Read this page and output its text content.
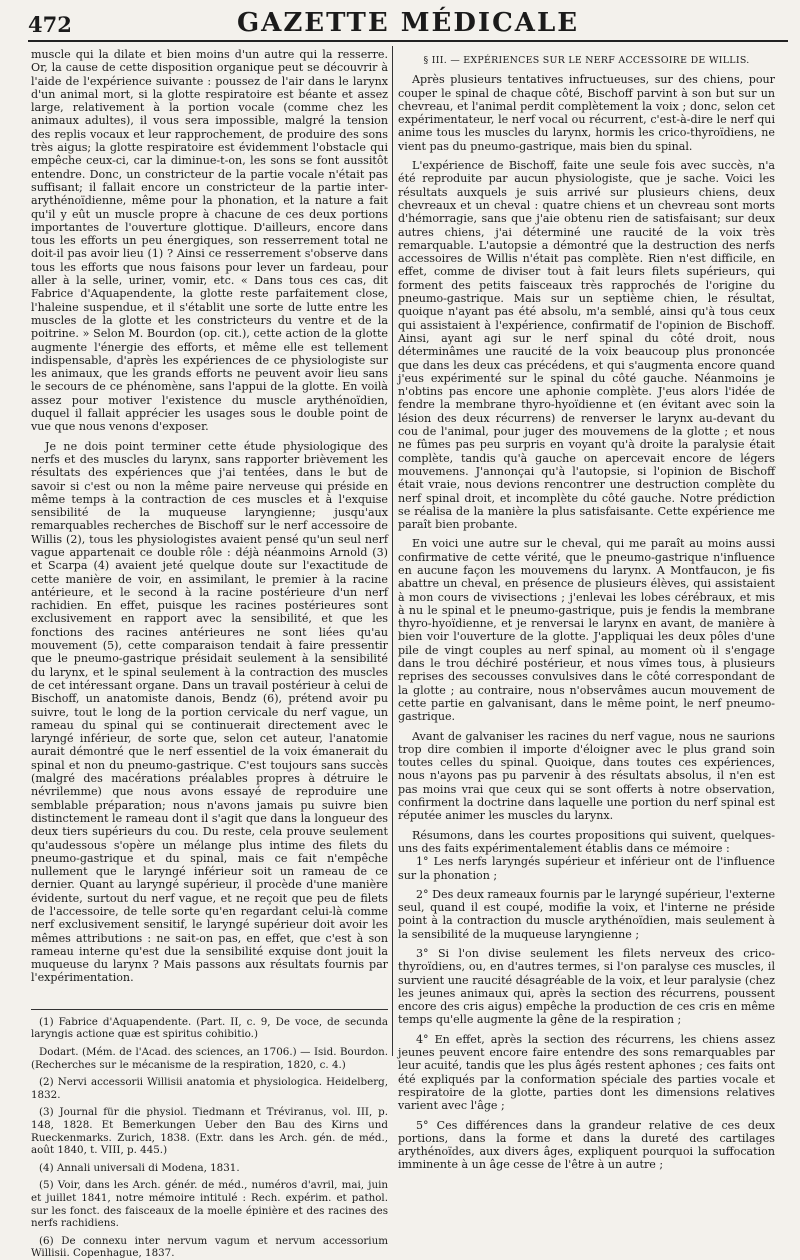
472	GAZETTE MÉDICALE

muscle qui la dilate et bien moins d'un autre qui la resserre. Or, la cause de cette disposition organique peut se découvrir à l'aide de l'expérience suivante : poussez de l'air dans le larynx d'un animal mort, si la glotte respiratoire est béante et assez large, relativement à la portion vocale (comme chez les animaux adultes), il vous sera impossible, malgré la tension des replis vocaux et leur rapprochement, de produire des sons très aigus; la glotte respiratoire est évidemment l'obstacle qui empêche ceux-ci, car la diminue-t-on, les sons se font aussitôt entendre. Donc, un constricteur de la partie vocale n'était pas suffisant; il fallait encore un constricteur de la partie inter-arythénoïdienne, même pour la phonation, et la nature a fait qu'il y eût un muscle propre à chacune de ces deux portions importantes de l'ouverture glottique. D'ailleurs, encore dans tous les efforts un peu énergiques, son resserrement total ne doit-il pas avoir lieu (1) ? Ainsi ce resserrement s'observe dans tous les efforts que nous faisons pour lever un fardeau, pour aller à la selle, uriner, vomir, etc. « Dans tous ces cas, dit Fabrice d'Aquapendente, la glotte reste parfaitement close, l'haleine suspendue, et il s'établit une sorte de lutte entre les muscles de la glotte et les constricteurs du ventre et de la poitrine. » Selon M. Bourdon (op. cit.), cette action de la glotte augmente l'énergie des efforts, et même elle est tellement indispensable, d'après les expériences de ce physiologiste sur les animaux, que les grands efforts ne peuvent avoir lieu sans le secours de ce phénomène, sans l'appui de la glotte. En voilà assez pour motiver l'existence du muscle arythénoïdien, duquel il fallait apprécier les usages sous le double point de vue que nous venons d'exposer.

Je ne dois point terminer cette étude physiologique des nerfs et des muscles du larynx, sans rapporter brièvement les résultats des expériences que j'ai tentées, dans le but de savoir si c'est ou non la même paire nerveuse qui préside en même temps à la contraction de ces muscles et à l'exquise sensibilité de la muqueuse laryngienne; jusqu'aux remarquables recherches de Bischoff sur le nerf accessoire de Willis (2), tous les physiologistes avaient pensé qu'un seul nerf vague appartenait ce double rôle : déjà néanmoins Arnold (3) et Scarpa (4) avaient jeté quelque doute sur l'exactitude de cette manière de voir, en assimilant, le premier à la racine antérieure, et le second à la racine postérieure d'un nerf rachidien. En effet, puisque les racines postérieures sont exclusivement en rapport avec la sensibilité, et que les fonctions des racines antérieures ne sont liées qu'au mouvement (5), cette comparaison tendait à faire pressentir que le pneumo-gastrique présidait seulement à la sensibilité du larynx, et le spinal seulement à la contraction des muscles de cet intéressant organe. Dans un travail postérieur à celui de Bischoff, un anatomiste danois, Bendz (6), prétend avoir pu suivre, tout le long de la portion cervicale du nerf vague, un rameau du spinal qui se continuerait directement avec le laryngé inférieur, de sorte que, selon cet auteur, l'anatomie aurait démontré que le nerf essentiel de la voix émanerait du spinal et non du pneumo-gastrique. C'est toujours sans succès (malgré des macérations préalables propres à détruire le névrilemme) que nous avons essayé de reproduire une semblable préparation; nous n'avons jamais pu suivre bien distinctement le rameau dont il s'agit que dans la longueur des deux tiers supérieurs du cou. Du reste, cela prouve seulement qu'audessous s'opère un mélange plus intime des filets du pneumo-gastrique et du spinal, mais ce fait n'empêche nullement que le laryngé inférieur soit un rameau de ce dernier. Quant au laryngé supérieur, il procède d'une manière évidente, surtout du nerf vague, et ne reçoit que peu de filets de l'accessoire, de telle sorte qu'en regardant celui-là comme nerf exclusivement sensitif, le laryngé supérieur doit avoir les mêmes attributions : ne sait-on pas, en effet, que c'est à son rameau interne qu'est due la sensibilité exquise dont jouit la muqueuse du larynx ? Mais passons aux résultats fournis par l'expérimentation.

(1) Fabrice d'Aquapendente. (Part. II, c. 9, De voce, de secunda laryngis actione quæ est spiritus cohibitio.)

Dodart. (Mém. de l'Acad. des sciences, an 1706.) — Isid. Bourdon. (Recherches sur le mécanisme de la respiration, 1820, c. 4.)

(2) Nervi accessorii Willisii anatomia et physiologica. Heidelberg, 1832.

(3) Journal für die physiol. Tiedmann et Tréviranus, vol. III, p. 148, 1828. Et Bemerkungen Ueber den Bau des Kirns und Rueckenmarks. Zurich, 1838. (Extr. dans les Arch. gén. de méd., août 1840, t. VIII, p. 445.)

(4) Annali universali di Modena, 1831.

(5) Voir, dans les Arch. génér. de méd., numéros d'avril, mai, juin et juillet 1841, notre mémoire intitulé : Rech. expérim. et pathol. sur les fonct. des faisceaux de la moelle épinière et des racines des nerfs rachidiens.

(6) De connexu inter nervum vagum et nervum accessorium Willisii. Copenhague, 1837.

§ III. — EXPÉRIENCES SUR LE NERF ACCESSOIRE DE WILLIS.

Après plusieurs tentatives infructueuses, sur des chiens, pour couper le spinal de chaque côté, Bischoff parvint à son but sur un chevreau, et l'animal perdit complètement la voix ; donc, selon cet expérimentateur, le nerf vocal ou récurrent, c'est-à-dire le nerf qui anime tous les muscles du larynx, hormis les crico-thyroïdiens, ne vient pas du pneumo-gastrique, mais bien du spinal.

L'expérience de Bischoff, faite une seule fois avec succès, n'a été reproduite par aucun physiologiste, que je sache. Voici les résultats auxquels je suis arrivé sur plusieurs chiens, deux chevreaux et un cheval : quatre chiens et un chevreau sont morts d'hémorragie, sans que j'aie obtenu rien de satisfaisant; sur deux autres chiens, j'ai déterminé une raucité de la voix très remarquable. L'autopsie a démontré que la destruction des nerfs accessoires de Willis n'était pas complète. Rien n'est difficile, en effet, comme de diviser tout à fait leurs filets supérieurs, qui forment des petits faisceaux très rapprochés de l'origine du pneumo-gastrique. Mais sur un septième chien, le résultat, quoique n'ayant pas été absolu, m'a semblé, ainsi qu'à tous ceux qui assistaient à l'expérience, confirmatif de l'opinion de Bischoff. Ainsi, ayant agi sur le nerf spinal du côté droit, nous déterminâmes une raucité de la voix beaucoup plus prononcée que dans les deux cas précédens, et qui s'augmenta encore quand j'eus expérimenté sur le spinal du côté gauche. Néanmoins je n'obtins pas encore une aphonie complète. J'eus alors l'idée de fendre la membrane thyro-hyoïdienne et (en évitant avec soin la lésion des deux récurrens) de renverser le larynx au-devant du cou de l'animal, pour juger des mouvemens de la glotte ; et nous ne fûmes pas peu surpris en voyant qu'à droite la paralysie était complète, tandis qu'à gauche on apercevait encore de légers mouvemens. J'annonçai qu'à l'autopsie, si l'opinion de Bischoff était vraie, nous devions rencontrer une destruction complète du nerf spinal droit, et incomplète du côté gauche. Notre prédiction se réalisa de la manière la plus satisfaisante. Cette expérience me paraît bien probante.

En voici une autre sur le cheval, qui me paraît au moins aussi confirmative de cette vérité, que le pneumo-gastrique n'influence en aucune façon les mouvemens du larynx. A Montfaucon, je fis abattre un cheval, en présence de plusieurs élèves, qui assistaient à mon cours de vivisections ; j'enlevai les lobes cérébraux, et mis à nu le spinal et le pneumo-gastrique, puis je fendis la membrane thyro-hyoïdienne, et je renversai le larynx en avant, de manière à bien voir l'ouverture de la glotte. J'appliquai les deux pôles d'une pile de vingt couples au nerf spinal, au moment où il s'engage dans le trou déchiré postérieur, et nous vîmes tous, à plusieurs reprises des secousses convulsives dans le côté correspondant de la glotte ; au contraire, nous n'observâmes aucun mouvement de cette partie en galvanisant, dans le même point, le nerf pneumo-gastrique.

Avant de galvaniser les racines du nerf vague, nous ne saurions trop dire combien il importe d'éloigner avec le plus grand soin toutes celles du spinal. Quoique, dans toutes ces expériences, nous n'ayons pas pu parvenir à des résultats absolus, il n'en est pas moins vrai que ceux qui se sont offerts à notre observation, confirment la doctrine dans laquelle une portion du nerf spinal est réputée animer les muscles du larynx.

Résumons, dans les courtes propositions qui suivent, quelques-uns des faits expérimentalement établis dans ce mémoire :

1° Les nerfs laryngés supérieur et inférieur ont de l'influence sur la phonation ;

2° Des deux rameaux fournis par le laryngé supérieur, l'externe seul, quand il est coupé, modifie la voix, et l'interne ne préside point à la contraction du muscle arythénoïdien, mais seulement à la sensibilité de la muqueuse laryngienne ;

3° Si l'on divise seulement les filets nerveux des crico-thyroïdiens, ou, en d'autres termes, si l'on paralyse ces muscles, il survient une raucité désagréable de la voix, et leur paralysie (chez les jeunes animaux qui, après la section des récurrens, poussent encore des cris aigus) empêche la production de ces cris en même temps qu'elle augmente la gêne de la respiration ;

4° En effet, après la section des récurrens, les chiens assez jeunes peuvent encore faire entendre des sons remarquables par leur acuité, tandis que les plus âgés restent aphones ; ces faits ont été expliqués par la conformation spéciale des parties vocale et respiratoire de la glotte, parties dont les dimensions relatives varient avec l'âge ;

5° Ces différences dans la grandeur relative de ces deux portions, dans la forme et dans la dureté des cartilages arythénoïdes, aux divers âges, expliquent pourquoi la suffocation imminente à un âge cesse de l'être à un autre ;
